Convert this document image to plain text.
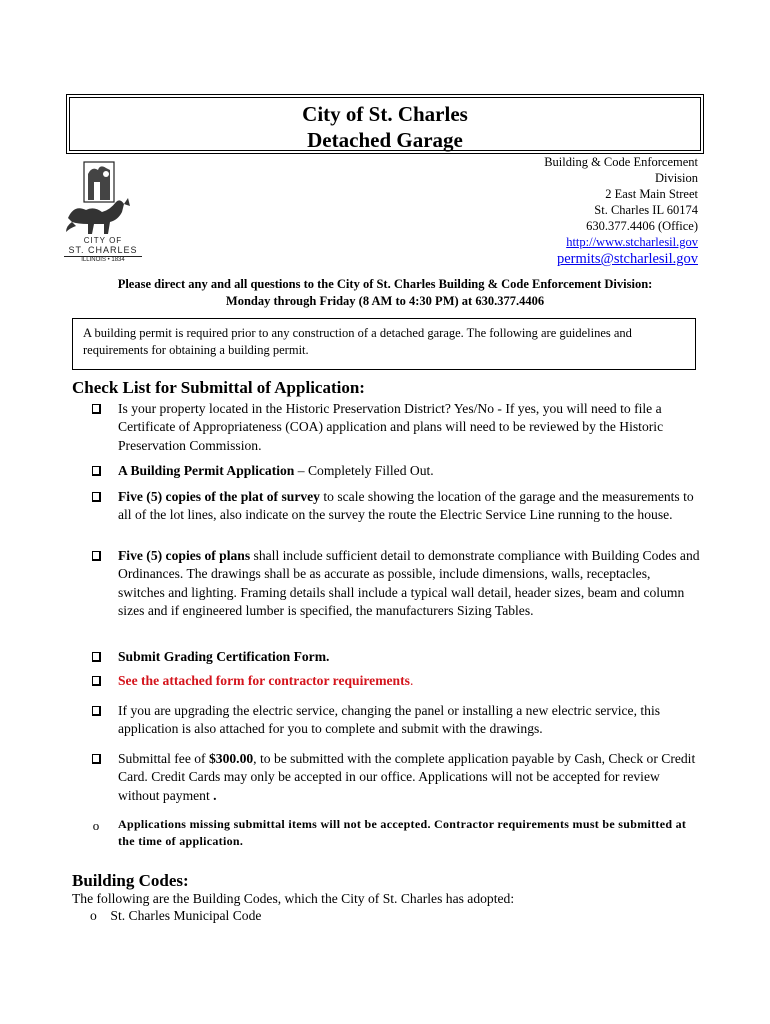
City of St. Charles
Detached Garage
CITY OF
ST. CHARLES
ILLINOIS • 1834
Building & Code Enforcement
Division
2 East Main Street
St. Charles IL 60174
630.377.4406 (Office)
http://www.stcharlesil.gov
permits@stcharlesil.gov
Please direct any and all questions to the City of St. Charles Building & Code Enforcement Division:
Monday through Friday (8 AM to 4:30 PM) at 630.377.4406
A building permit is required prior to any construction of a detached garage. The following are guidelines and requirements for obtaining a building permit.
Check List for Submittal of Application:
Is your property located in the Historic Preservation District? Yes/No - If yes, you will need to file a Certificate of Appropriateness (COA) application and plans will need to be reviewed by the Historic Preservation Commission.
A Building Permit Application – Completely Filled Out.
Five (5) copies of the plat of survey to scale showing the location of the garage and the measurements to all of the lot lines, also indicate on the survey the route the Electric Service Line running to the house.
Five (5) copies of plans shall include sufficient detail to demonstrate compliance with Building Codes and Ordinances. The drawings shall be as accurate as possible, include dimensions, walls, receptacles, switches and lighting. Framing details shall include a typical wall detail, header sizes, beam and column sizes and if engineered lumber is specified, the manufacturers Sizing Tables.
Submit Grading Certification Form.
See the attached form for contractor requirements.
If you are upgrading the electric service, changing the panel or installing a new electric service, this application is also attached for you to complete and submit with the drawings.
Submittal fee of $300.00, to be submitted with the complete application payable by Cash, Check or Credit Card. Credit Cards may only be accepted in our office. Applications will not be accepted for review without payment .
o Applications missing submittal items will not be accepted. Contractor requirements must be submitted at the time of application.
Building Codes:
The following are the Building Codes, which the City of St. Charles has adopted:
o St. Charles Municipal Code
